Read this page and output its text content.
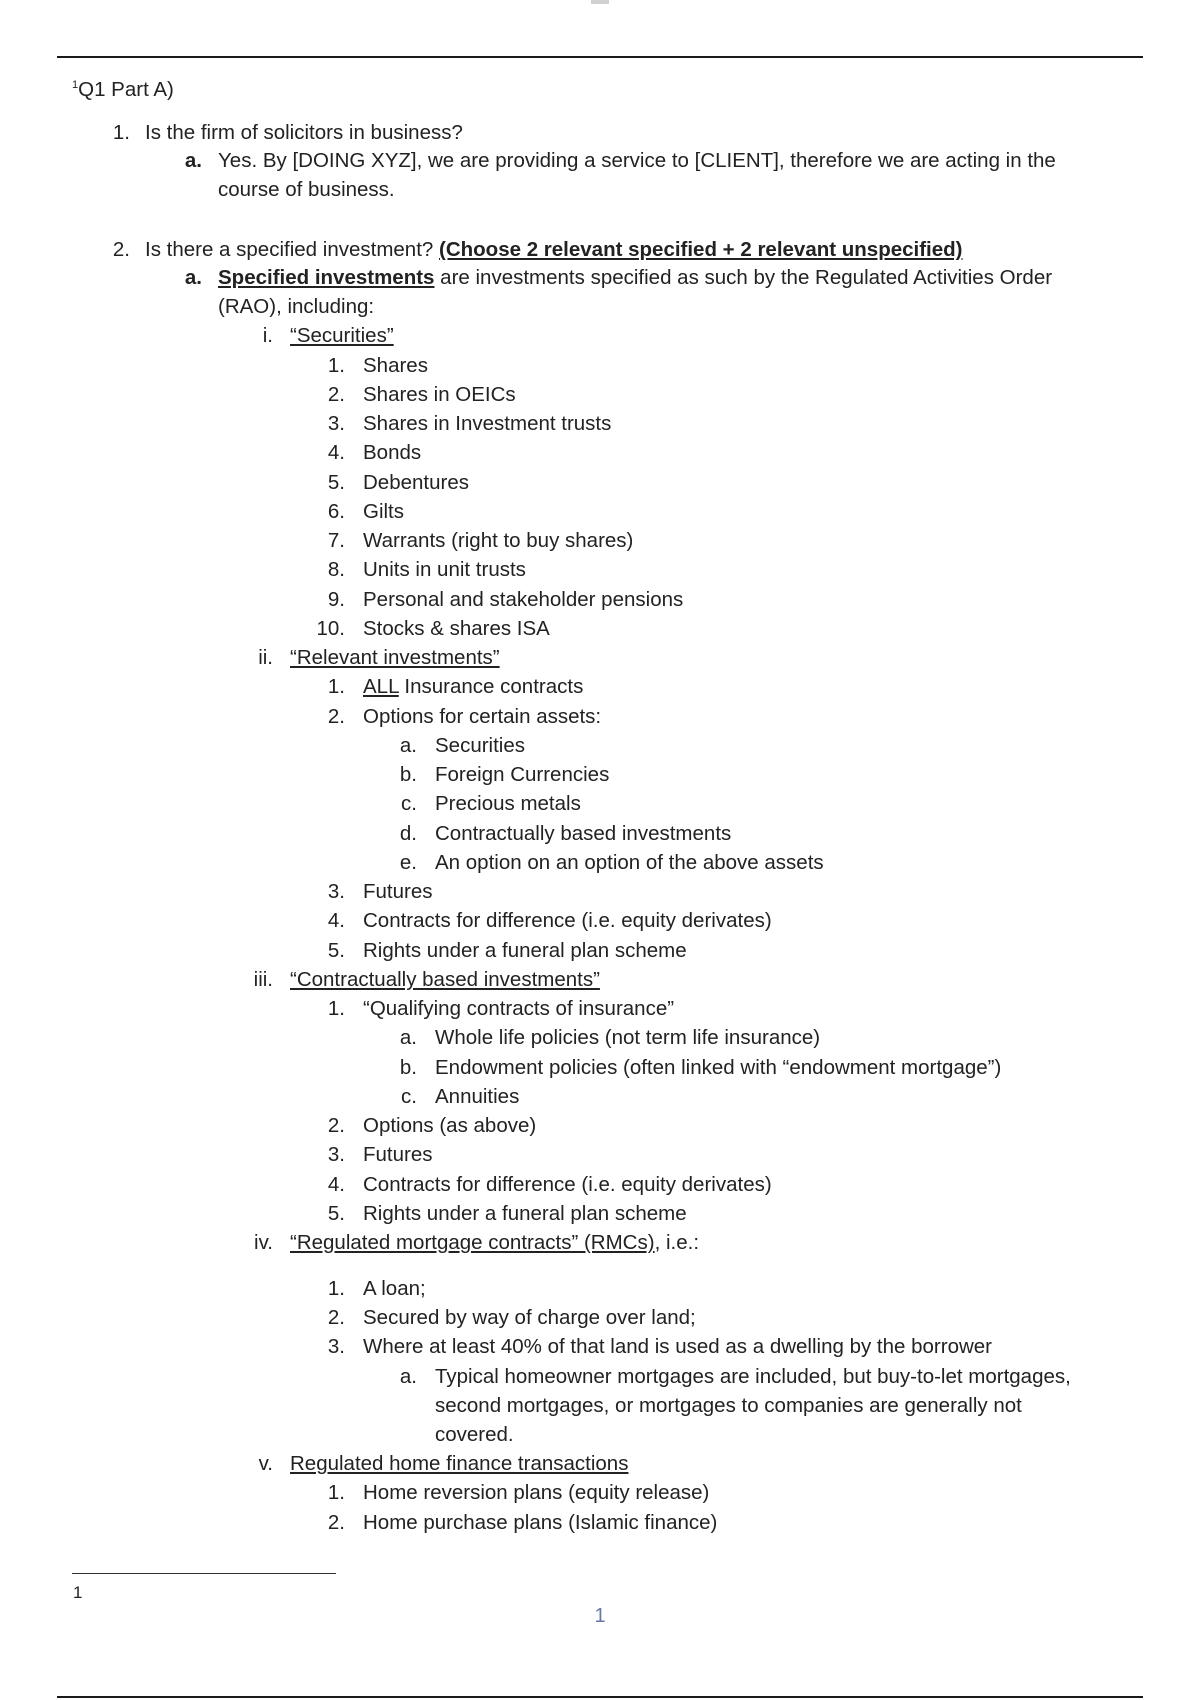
$^1$Q1 Part A)
1. Is the firm of solicitors in business?
a. Yes. By [DOING XYZ], we are providing a service to [CLIENT], therefore we are acting in the
course of business.
2. Is there a specified investment? (Choose 2 relevant specified + 2 relevant unspecified)
a. Specified investments are investments specified as such by the Regulated Activities Order
(RAO), including:
i. “Securities”
1. Shares
2. Shares in OEICs
3. Shares in Investment trusts
4. Bonds
5. Debentures
6. Gilts
7. Warrants (right to buy shares)
8. Units in unit trusts
9. Personal and stakeholder pensions
10. Stocks & shares ISA
ii. “Relevant investments”
1. ALL Insurance contracts
2. Options for certain assets:
a. Securities
b. Foreign Currencies
c. Precious metals
d. Contractually based investments
e. An option on an option of the above assets
3. Futures
4. Contracts for difference (i.e. equity derivates)
5. Rights under a funeral plan scheme
iii. “Contractually based investments”
1. “Qualifying contracts of insurance”
a. Whole life policies (not term life insurance)
b. Endowment policies (often linked with “endowment mortgage”)
c. Annuities
2. Options (as above)
3. Futures
4. Contracts for difference (i.e. equity derivates)
5. Rights under a funeral plan scheme
iv. “Regulated mortgage contracts” (RMCs), i.e.:
1. A loan;
2. Secured by way of charge over land;
3. Where at least 40% of that land is used as a dwelling by the borrower
a. Typical homeowner mortgages are included, but buy-to-let mortgages,
second mortgages, or mortgages to companies are generally not
covered.
v. Regulated home finance transactions
1. Home reversion plans (equity release)
2. Home purchase plans (Islamic finance)
1
1
